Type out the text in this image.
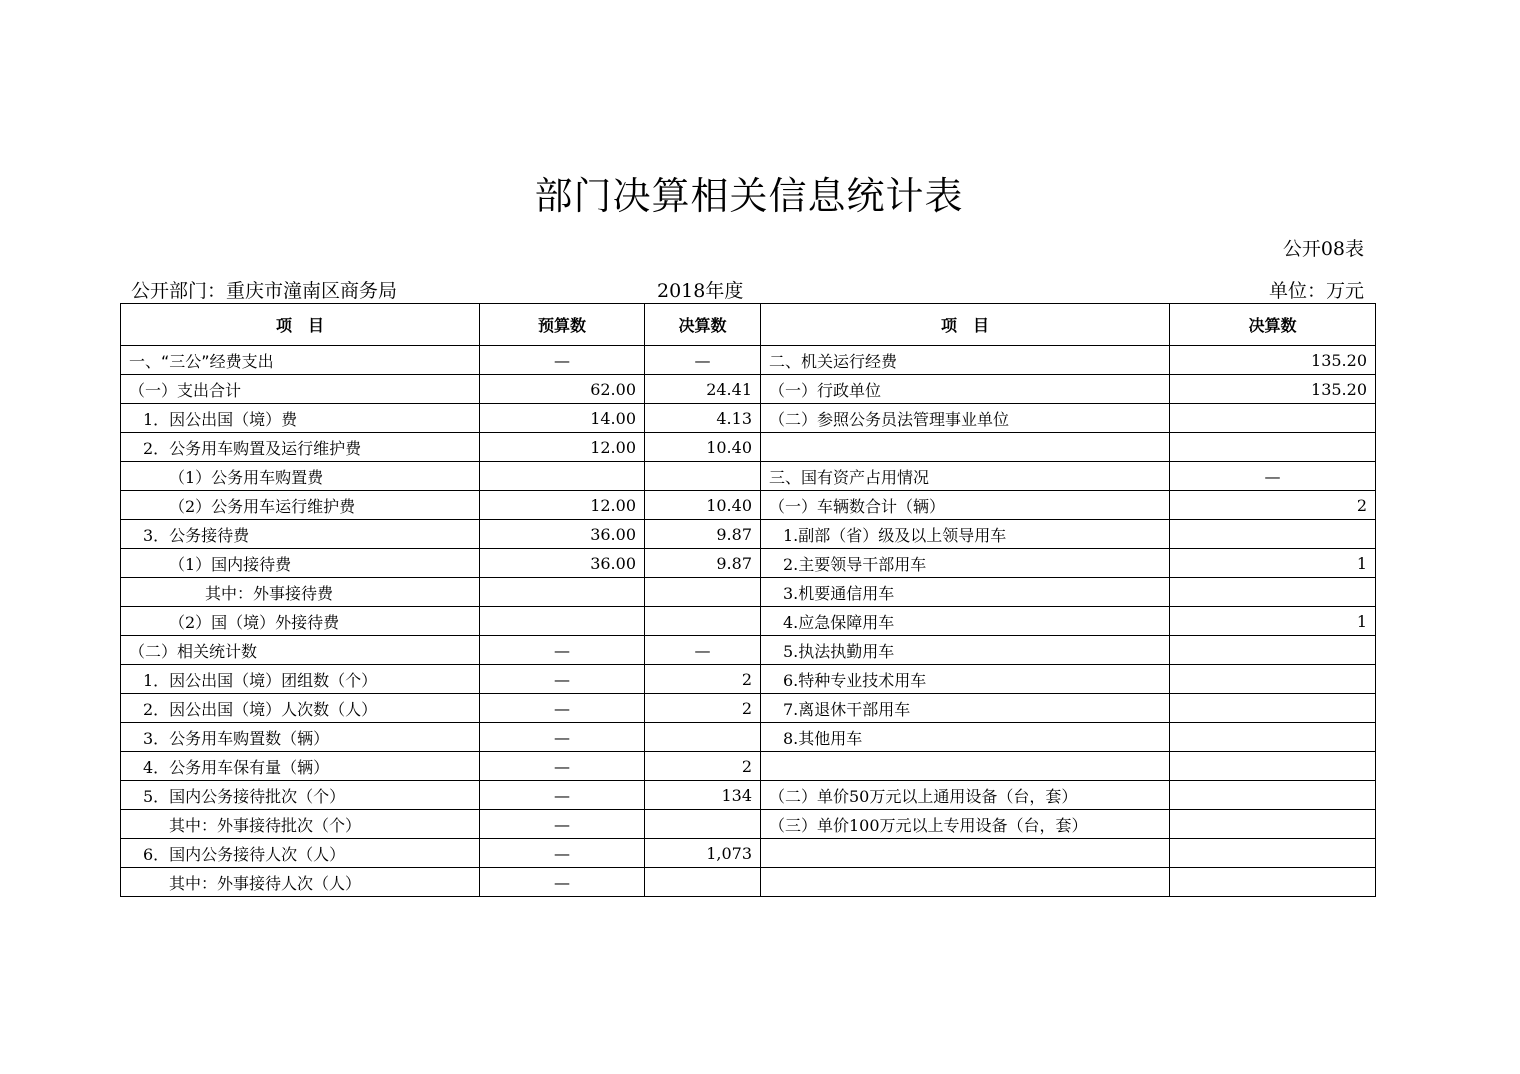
部门决算相关信息统计表
公开08表
公开部门：重庆市潼南区商务局	2018年度	单位：万元
项　目	预算数	决算数	项　目	决算数
一、“三公”经费支出	—	—	二、机关运行经费	135.20
（一）支出合计	62.00	24.41	（一）行政单位	135.20
1．因公出国（境）费	14.00	4.13	（二）参照公务员法管理事业单位	
2．公务用车购置及运行维护费	12.00	10.40		
（1）公务用车购置费			三、国有资产占用情况	—
（2）公务用车运行维护费	12.00	10.40	（一）车辆数合计（辆）	2
3．公务接待费	36.00	9.87	1.副部（省）级及以上领导用车	
（1）国内接待费	36.00	9.87	2.主要领导干部用车	1
其中：外事接待费			3.机要通信用车	
（2）国（境）外接待费			4.应急保障用车	1
（二）相关统计数	—	—	5.执法执勤用车	
1．因公出国（境）团组数（个）	—	2	6.特种专业技术用车	
2．因公出国（境）人次数（人）	—	2	7.离退休干部用车	
3．公务用车购置数（辆）	—		8.其他用车	
4．公务用车保有量（辆）	—	2		
5．国内公务接待批次（个）	—	134	（二）单价50万元以上通用设备（台，套）	
其中：外事接待批次（个）	—		（三）单价100万元以上专用设备（台，套）	
6．国内公务接待人次（人）	—	1,073		
其中：外事接待人次（人）	—			
